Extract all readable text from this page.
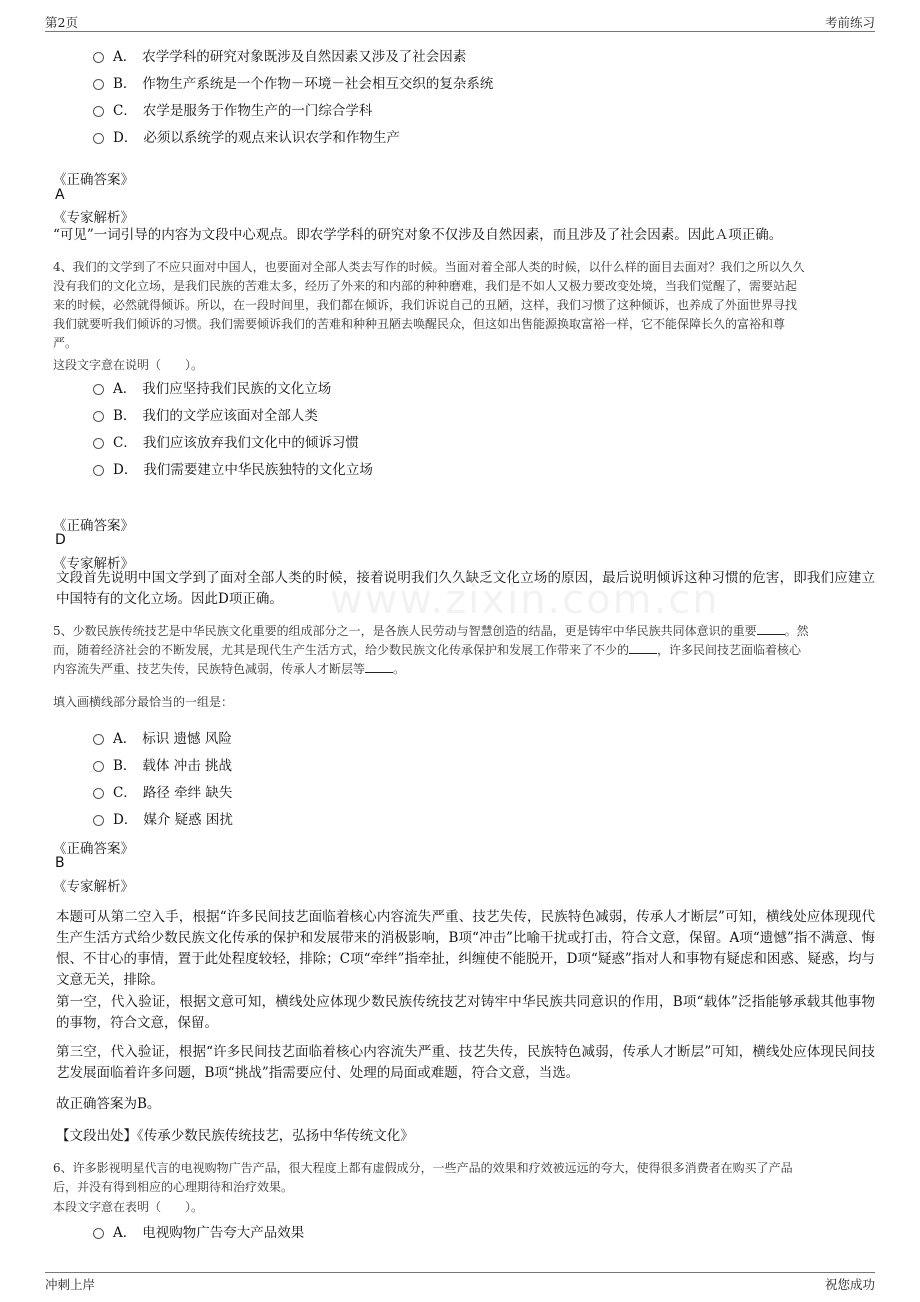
第2页	考前练习
www.zixin.com.cn
A． 农学学科的研究对象既涉及自然因素又涉及了社会因素
B． 作物生产系统是一个作物－环境－社会相互交织的复杂系统
C． 农学是服务于作物生产的一门综合学科
D． 必须以系统学的观点来认识农学和作物生产
《正确答案》
A
《专家解析》
“可见”一词引导的内容为文段中心观点。即农学学科的研究对象不仅涉及自然因素，而且涉及了社会因素。因此Ａ项正确。
4、我们的文学到了不应只面对中国人，也要面对全部人类去写作的时候。当面对着全部人类的时候，以什么样的面目去面对？我们之所以久久
没有我们的文化立场，是我们民族的苦难太多，经历了外来的和内部的种种磨难，我们是不如人又极力要改变处境，当我们觉醒了，需要站起
来的时候，必然就得倾诉。所以，在一段时间里，我们都在倾诉，我们诉说自己的丑陋，这样，我们习惯了这种倾诉，也养成了外面世界寻找
我们就要听我们倾诉的习惯。我们需要倾诉我们的苦难和种种丑陋去唤醒民众，但这如出售能源换取富裕一样，它不能保障长久的富裕和尊
严。
这段文字意在说明（　　）。
A． 我们应坚持我们民族的文化立场
B． 我们的文学应该面对全部人类
C． 我们应该放弃我们文化中的倾诉习惯
D． 我们需要建立中华民族独特的文化立场
《正确答案》
D
《专家解析》
文段首先说明中国文学到了面对全部人类的时候，接着说明我们久久缺乏文化立场的原因，最后说明倾诉这种习惯的危害，即我们应建立中国特有的文化立场。因此D项正确。
5、少数民族传统技艺是中华民族文化重要的组成部分之一，是各族人民劳动与智慧创造的结晶，更是铸牢中华民族共同体意识的重要 。然
而，随着经济社会的不断发展，尤其是现代生产生活方式，给少数民族文化传承保护和发展工作带来了不少的 ，许多民间技艺面临着核心
内容流失严重、技艺失传，民族特色减弱，传承人才断层等 。
填入画横线部分最恰当的一组是：
A． 标识 遗憾 风险
B． 载体 冲击 挑战
C． 路径 牵绊 缺失
D． 媒介 疑惑 困扰
《正确答案》
B
《专家解析》
本题可从第二空入手，根据“许多民间技艺面临着核心内容流失严重、技艺失传，民族特色减弱，传承人才断层”可知，横线处应体现现代生产生活方式给少数民族文化传承的保护和发展带来的消极影响，B项“冲击”比喻干扰或打击，符合文意，保留。A项“遗憾”指不满意、悔恨、不甘心的事情，置于此处程度较轻，排除；C项“牵绊”指牵扯，纠缠使不能脱开，D项“疑惑”指对人和事物有疑虑和困惑、疑惑，均与文意无关，排除。
第一空，代入验证，根据文意可知，横线处应体现少数民族传统技艺对铸牢中华民族共同意识的作用，B项“载体”泛指能够承载其他事物的事物，符合文意，保留。
第三空，代入验证，根据“许多民间技艺面临着核心内容流失严重、技艺失传，民族特色减弱，传承人才断层”可知，横线处应体现民间技艺发展面临着许多问题，B项“挑战”指需要应付、处理的局面或难题，符合文意，当选。
故正确答案为B。
【文段出处】《传承少数民族传统技艺，弘扬中华传统文化》
6、许多影视明星代言的电视购物广告产品，很大程度上都有虚假成分，一些产品的效果和疗效被远远的夸大，使得很多消费者在购买了产品
后，并没有得到相应的心理期待和治疗效果。
本段文字意在表明（　　）。
A． 电视购物广告夸大产品效果
冲刺上岸	祝您成功
